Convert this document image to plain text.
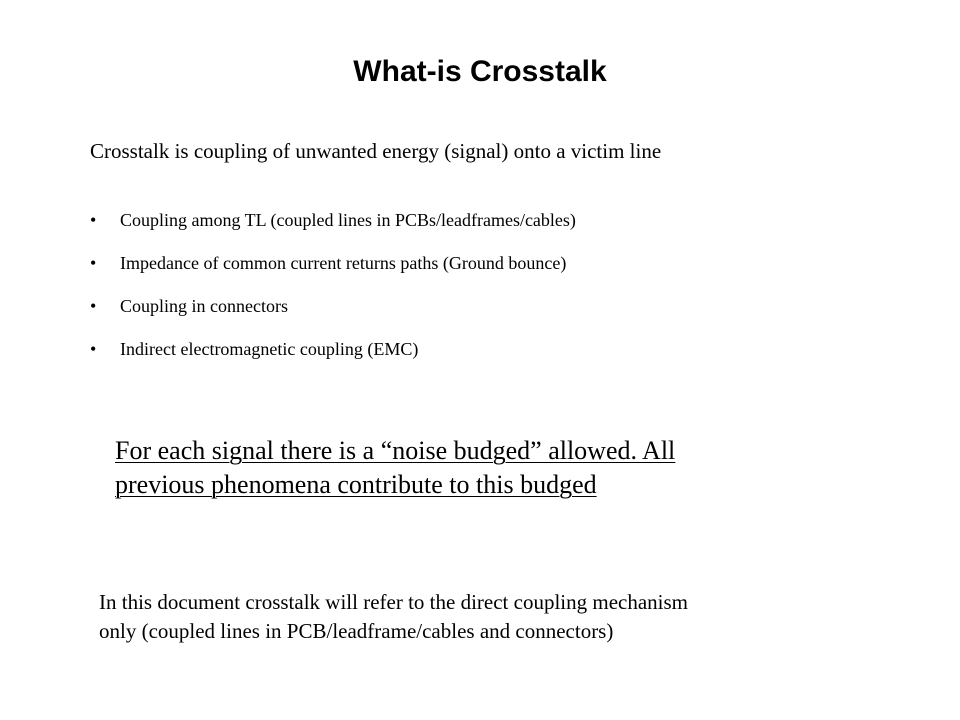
What-is Crosstalk

Crosstalk is coupling of unwanted energy (signal) onto a victim line

•	Coupling among TL (coupled lines in PCBs/leadframes/cables)
•	Impedance of common current returns paths (Ground bounce)
•	Coupling in connectors
•	Indirect electromagnetic coupling (EMC)

For each signal there is a “noise budged” allowed. All
previous phenomena contribute to this budged

In this document crosstalk will refer to the direct coupling mechanism
only (coupled lines in PCB/leadframe/cables and connectors)
